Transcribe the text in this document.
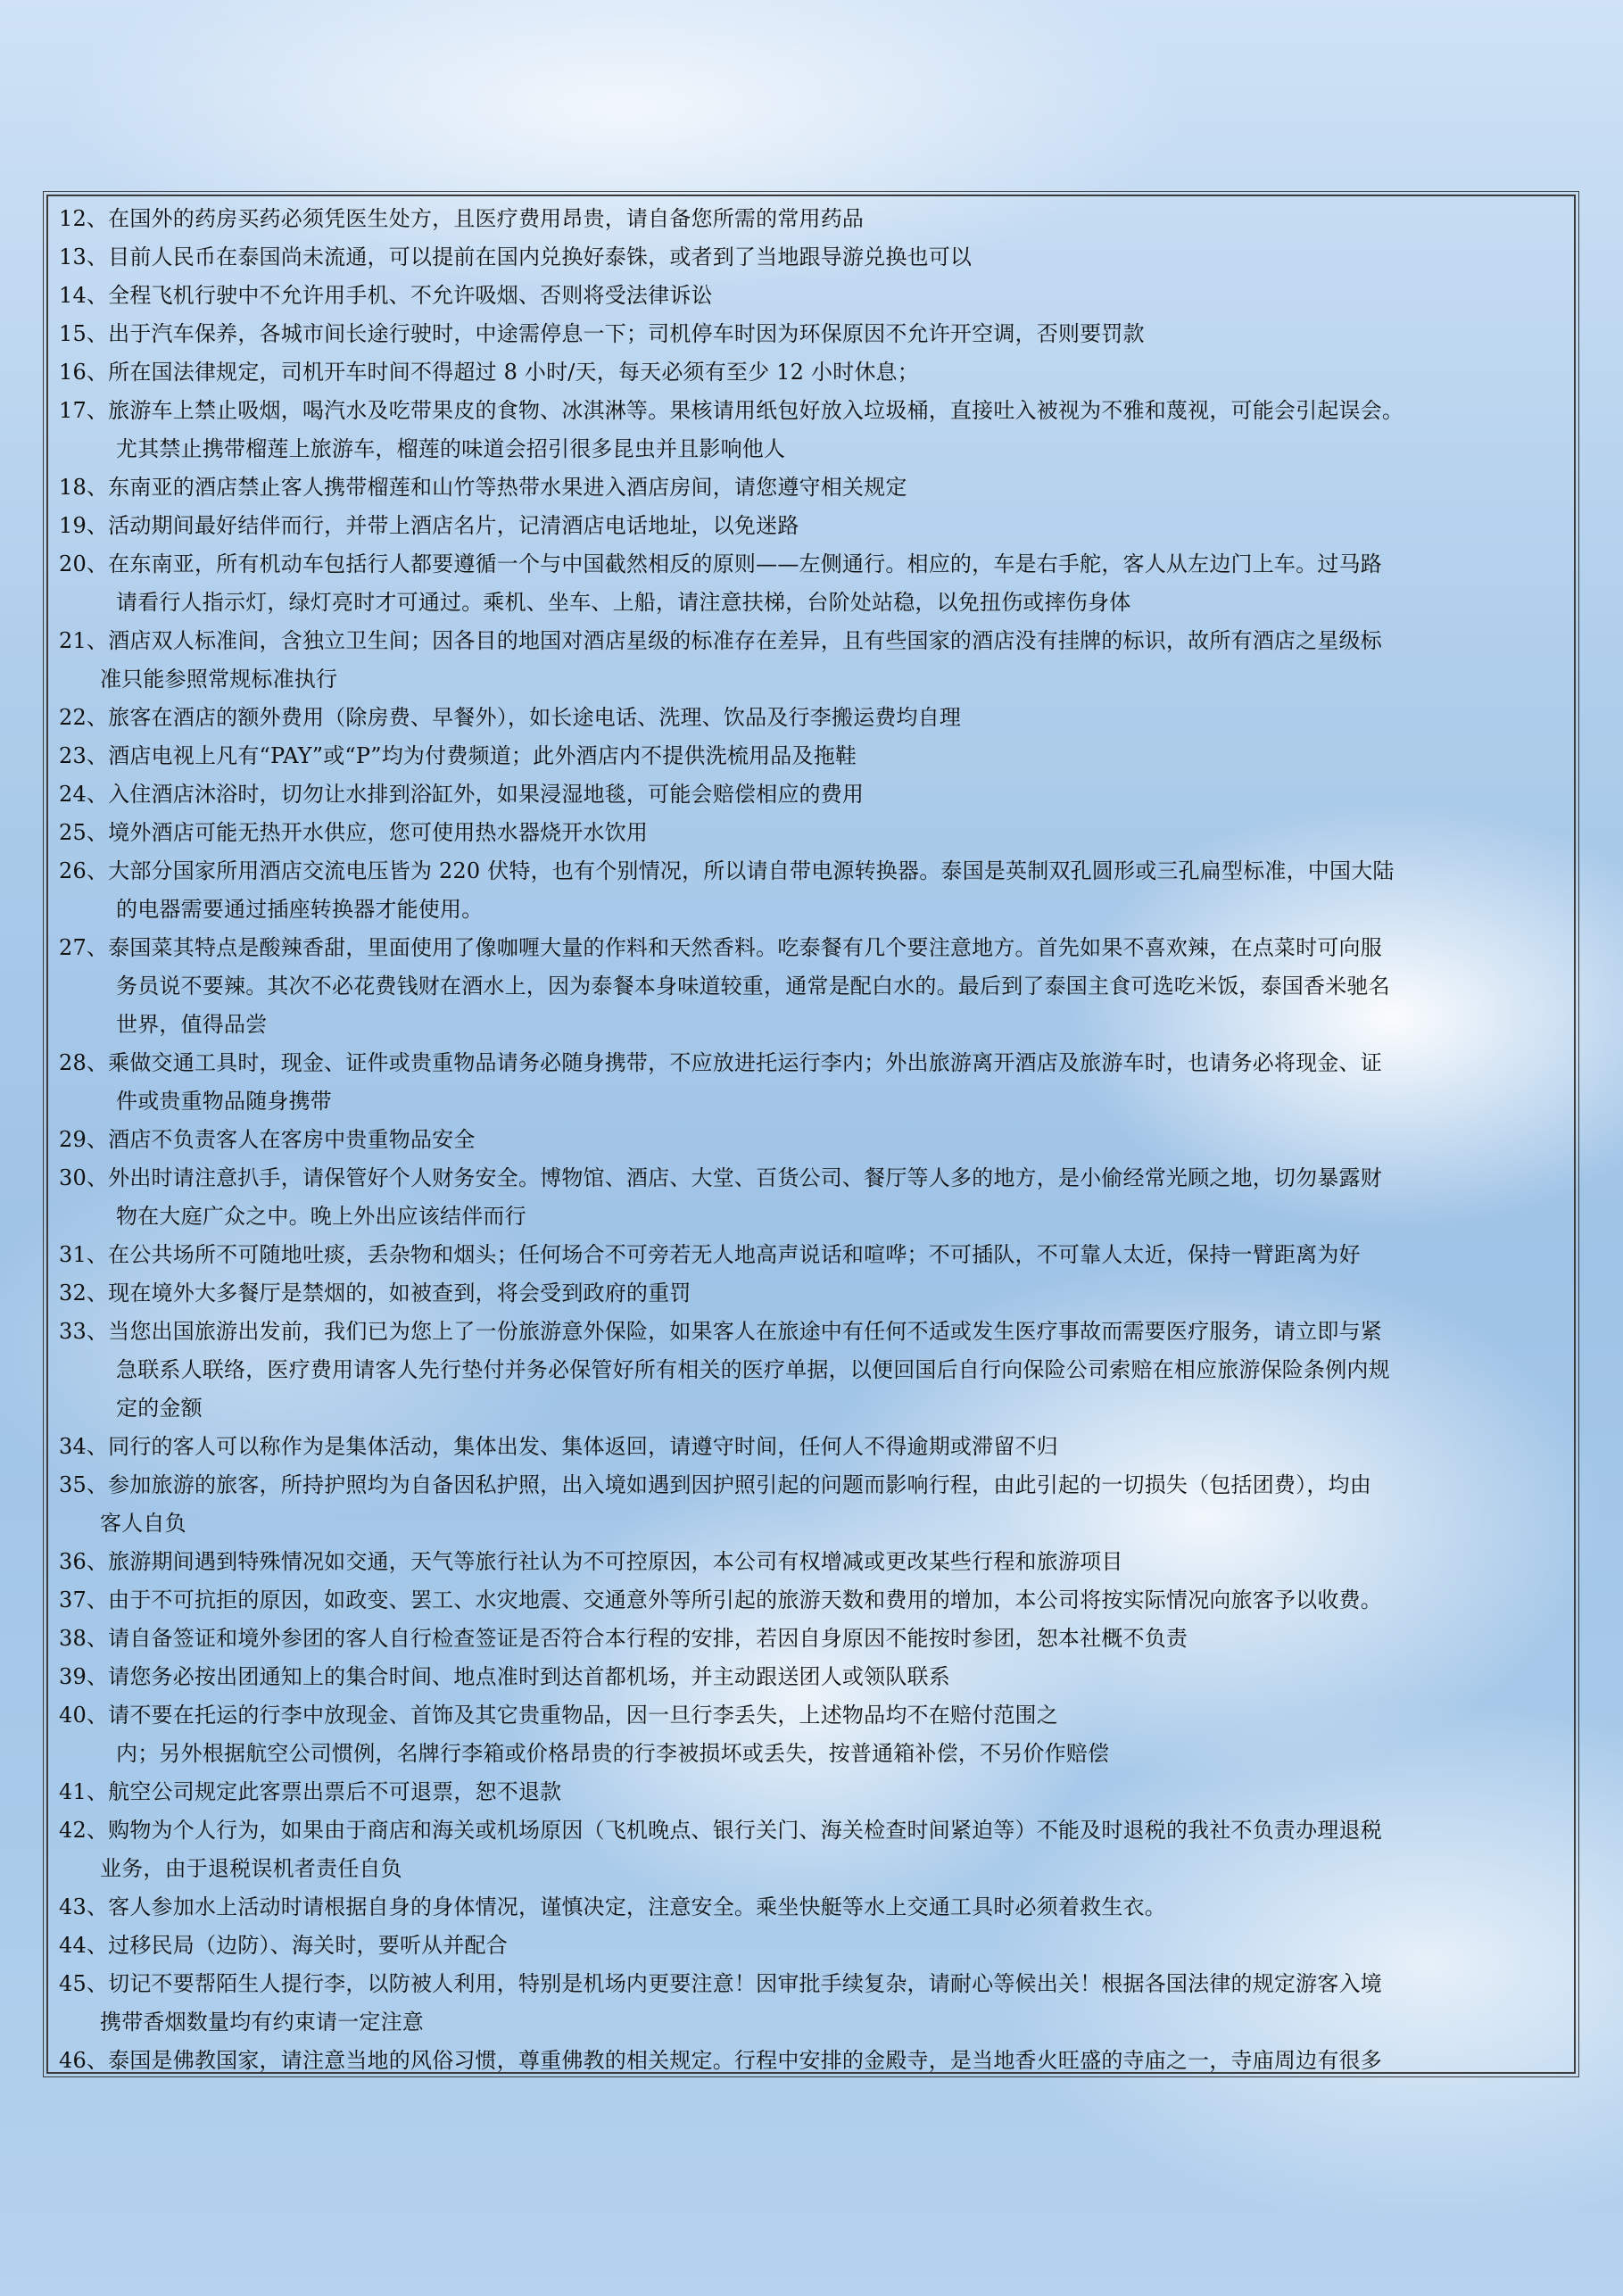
12、在国外的药房买药必须凭医生处方，且医疗费用昂贵，请自备您所需的常用药品
13、目前人民币在泰国尚未流通，可以提前在国内兑换好泰铢，或者到了当地跟导游兑换也可以
14、全程飞机行驶中不允许用手机、不允许吸烟、否则将受法律诉讼
15、出于汽车保养，各城市间长途行驶时，中途需停息一下；司机停车时因为环保原因不允许开空调，否则要罚款
16、所在国法律规定，司机开车时间不得超过 8 小时/天，每天必须有至少 12 小时休息；
17、旅游车上禁止吸烟，喝汽水及吃带果皮的食物、冰淇淋等。果核请用纸包好放入垃圾桶，直接吐入被视为不雅和蔑视，可能会引起误会。
尤其禁止携带榴莲上旅游车，榴莲的味道会招引很多昆虫并且影响他人
18、东南亚的酒店禁止客人携带榴莲和山竹等热带水果进入酒店房间，请您遵守相关规定
19、活动期间最好结伴而行，并带上酒店名片，记清酒店电话地址，以免迷路
20、在东南亚，所有机动车包括行人都要遵循一个与中国截然相反的原则——左侧通行。相应的，车是右手舵，客人从左边门上车。过马路
请看行人指示灯，绿灯亮时才可通过。乘机、坐车、上船，请注意扶梯，台阶处站稳，以免扭伤或摔伤身体
21、酒店双人标准间，含独立卫生间；因各目的地国对酒店星级的标准存在差异，且有些国家的酒店没有挂牌的标识，故所有酒店之星级标
准只能参照常规标准执行
22、旅客在酒店的额外费用（除房费、早餐外），如长途电话、洗理、饮品及行李搬运费均自理
23、酒店电视上凡有“PAY”或“P”均为付费频道；此外酒店内不提供洗梳用品及拖鞋
24、入住酒店沐浴时，切勿让水排到浴缸外，如果浸湿地毯，可能会赔偿相应的费用
25、境外酒店可能无热开水供应，您可使用热水器烧开水饮用
26、大部分国家所用酒店交流电压皆为 220 伏特，也有个别情况，所以请自带电源转换器。泰国是英制双孔圆形或三孔扁型标准，中国大陆
的电器需要通过插座转换器才能使用。
27、泰国菜其特点是酸辣香甜，里面使用了像咖喱大量的作料和天然香料。吃泰餐有几个要注意地方。首先如果不喜欢辣，在点菜时可向服
务员说不要辣。其次不必花费钱财在酒水上，因为泰餐本身味道较重，通常是配白水的。最后到了泰国主食可选吃米饭，泰国香米驰名
世界，值得品尝
28、乘做交通工具时，现金、证件或贵重物品请务必随身携带，不应放进托运行李内；外出旅游离开酒店及旅游车时，也请务必将现金、证
件或贵重物品随身携带
29、酒店不负责客人在客房中贵重物品安全
30、外出时请注意扒手，请保管好个人财务安全。博物馆、酒店、大堂、百货公司、餐厅等人多的地方，是小偷经常光顾之地，切勿暴露财
物在大庭广众之中。晚上外出应该结伴而行
31、在公共场所不可随地吐痰，丢杂物和烟头；任何场合不可旁若无人地高声说话和喧哗；不可插队，不可靠人太近，保持一臂距离为好
32、现在境外大多餐厅是禁烟的，如被查到，将会受到政府的重罚
33、当您出国旅游出发前，我们已为您上了一份旅游意外保险，如果客人在旅途中有任何不适或发生医疗事故而需要医疗服务，请立即与紧
急联系人联络，医疗费用请客人先行垫付并务必保管好所有相关的医疗单据，以便回国后自行向保险公司索赔在相应旅游保险条例内规
定的金额
34、同行的客人可以称作为是集体活动，集体出发、集体返回，请遵守时间，任何人不得逾期或滞留不归
35、参加旅游的旅客，所持护照均为自备因私护照，出入境如遇到因护照引起的问题而影响行程，由此引起的一切损失（包括团费），均由
客人自负
36、旅游期间遇到特殊情况如交通，天气等旅行社认为不可控原因，本公司有权增减或更改某些行程和旅游项目
37、由于不可抗拒的原因，如政变、罢工、水灾地震、交通意外等所引起的旅游天数和费用的增加，本公司将按实际情况向旅客予以收费。
38、请自备签证和境外参团的客人自行检查签证是否符合本行程的安排，若因自身原因不能按时参团，恕本社概不负责
39、请您务必按出团通知上的集合时间、地点准时到达首都机场，并主动跟送团人或领队联系
40、请不要在托运的行李中放现金、首饰及其它贵重物品，因一旦行李丢失，上述物品均不在赔付范围之
内；另外根据航空公司惯例，名牌行李箱或价格昂贵的行李被损坏或丢失，按普通箱补偿，不另价作赔偿
41、航空公司规定此客票出票后不可退票，恕不退款
42、购物为个人行为，如果由于商店和海关或机场原因（飞机晚点、银行关门、海关检查时间紧迫等）不能及时退税的我社不负责办理退税
业务，由于退税误机者责任自负
43、客人参加水上活动时请根据自身的身体情况，谨慎决定，注意安全。乘坐快艇等水上交通工具时必须着救生衣。
44、过移民局（边防）、海关时，要听从并配合
45、切记不要帮陌生人提行李，以防被人利用，特别是机场内更要注意！因审批手续复杂，请耐心等候出关！根据各国法律的规定游客入境
携带香烟数量均有约束请一定注意
46、泰国是佛教国家，请注意当地的风俗习惯，尊重佛教的相关规定。行程中安排的金殿寺，是当地香火旺盛的寺庙之一，寺庙周边有很多
